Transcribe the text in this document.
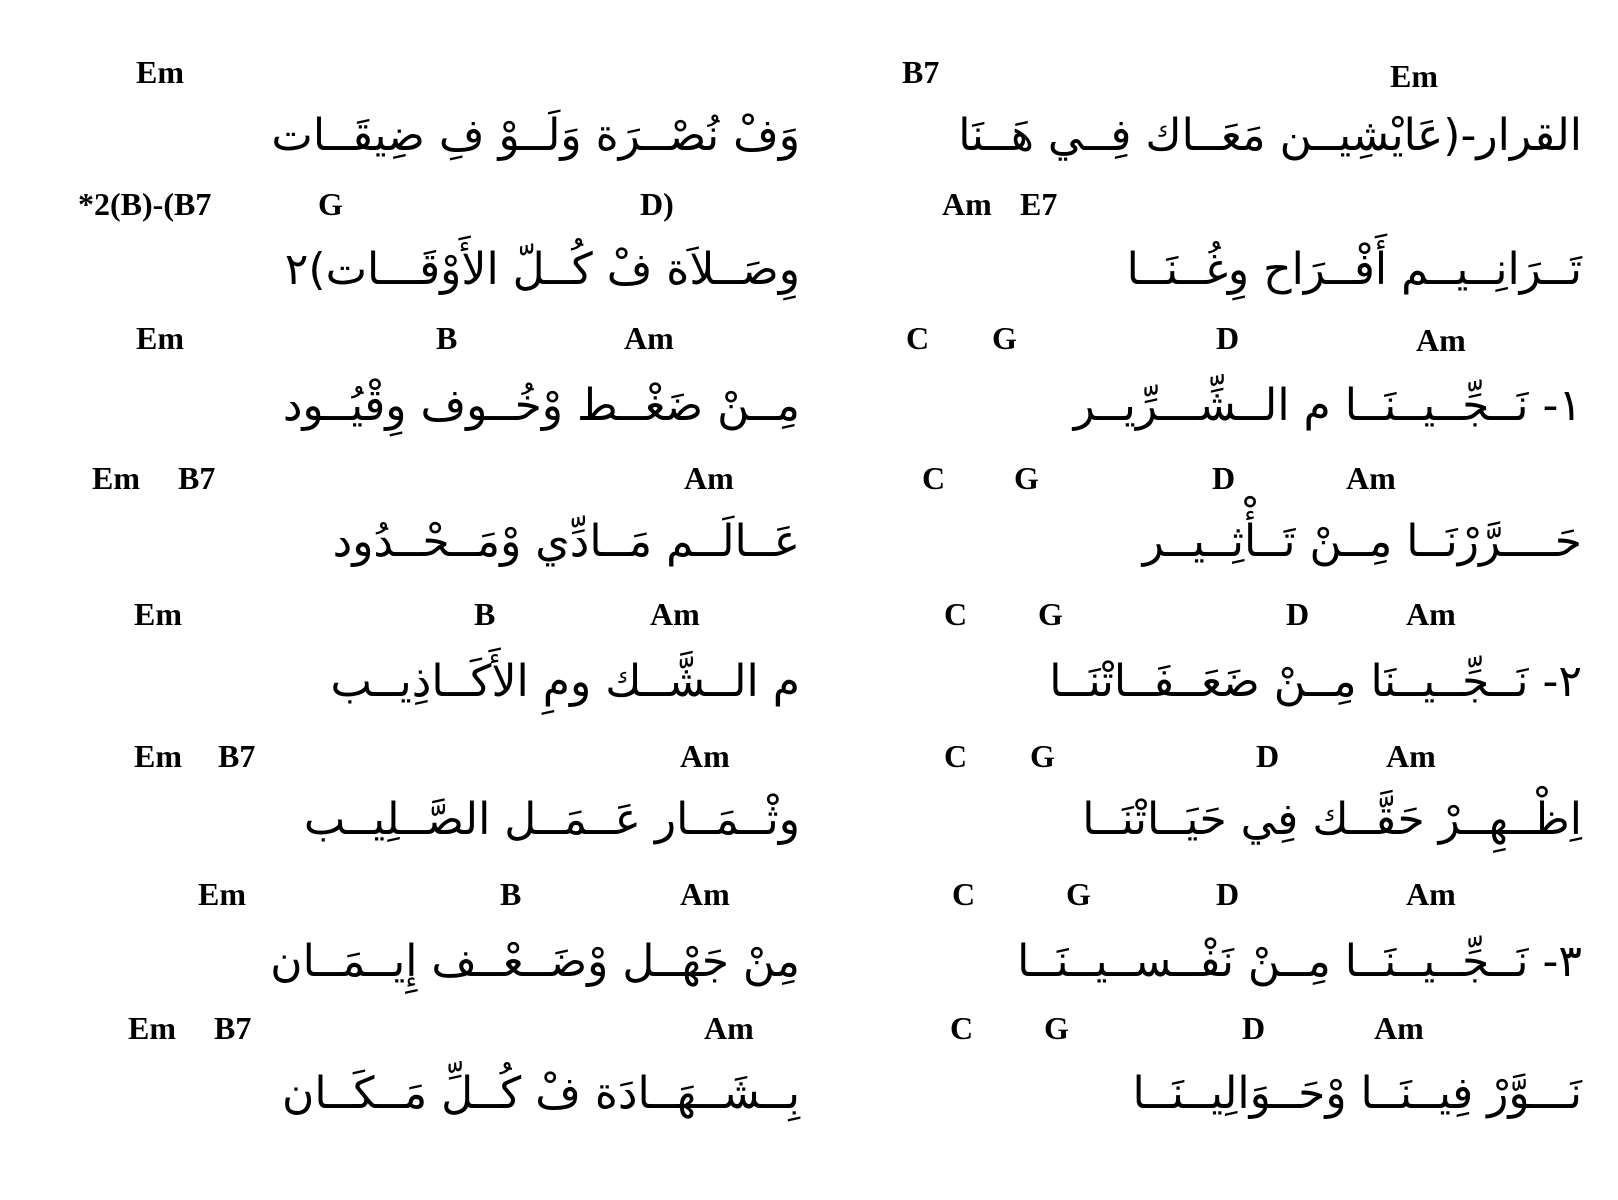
B7	Em
القرار-(عَايْشِيــن مَعَــاك فِــي هَــنَا
Am E7
تَــرَانِــيــم أَفْــرَاح وِغُــنَــا
C G	D	Am
١- نَــجِّــيــنَــا م الــشِّـــرِّيــر
C G	D	Am
حَــــرَّرْنَــا مِــنْ تَــأْثِــيــر
C G	D	Am
٢- نَــجِّــيــنَا مِــنْ ضَعَــفَــاتْنَــا
C G	D	Am
اِظْــهِــرْ حَقَّــك فِي حَيَــاتْنَــا
C	G	D	Am
٣- نَــجِّــيــنَــا مِــنْ نَفْــســيــنَــا
C G	D	Am
نَـــوَّرْ فِيــنَــا وْحَــوَالِيــنَــا
Em
وَفْ نُصْــرَة وَلَــوْ فِ ضِيقَــات
*2(B)-(B7	G	D)
وِصَــلاَة فْ كُــلّ الأَوْقَـــات)٢
Em	B	Am
مِــنْ ضَغْــط وْخُــوف وِقْيُــود
Em B7	Am
عَــالَــم مَــادِّي وْمَــحْــدُود
Em	B	Am
م الــشَّــك ومِ الأَكَــاذِيــب
Em B7	Am
وثْــمَــار عَــمَــل الصَّــلِيــب
Em	B	Am
مِنْ جَهْــل وْضَــعْــف إِيــمَــان
Em B7	Am
بِــشَــهَــادَة فْ كُــلِّ مَــكَــان
